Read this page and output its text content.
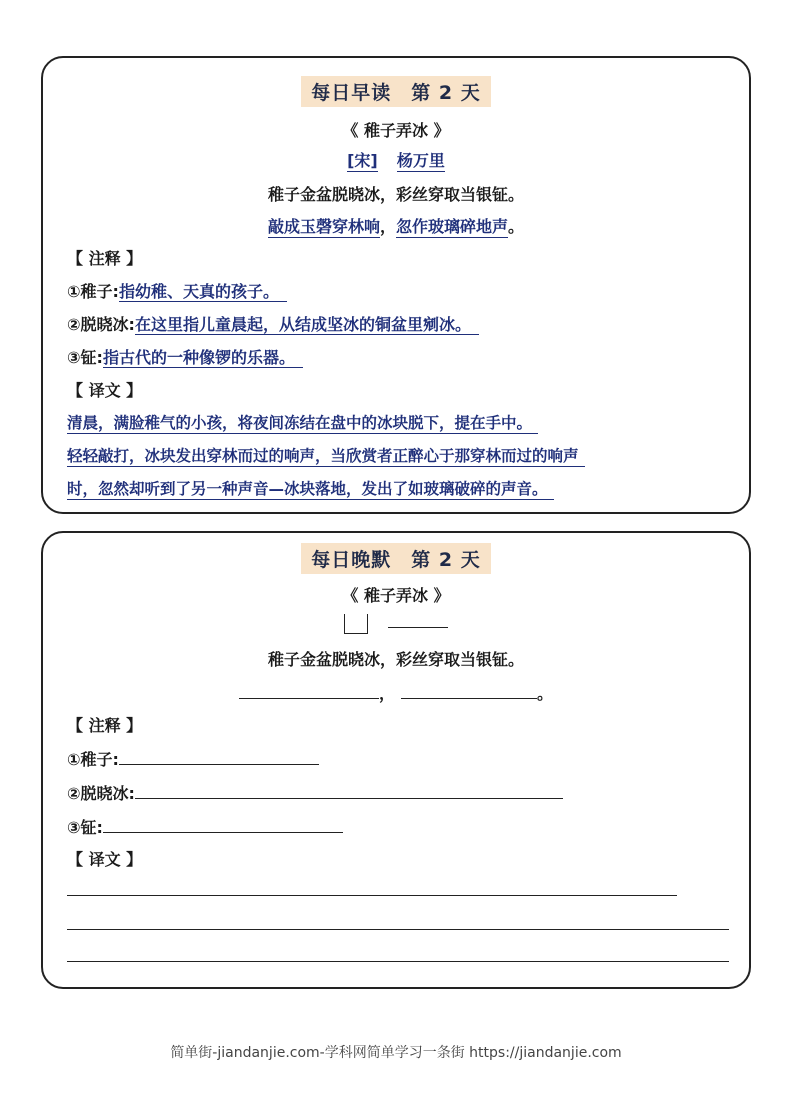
每日早读　第 2 天
《 稚子弄冰 》
[宋] 杨万里
稚子金盆脱晓冰，彩丝穿取当银钲。
敲成玉磬穿林响，忽作玻璃碎地声。
【 注释 】
①稚子:指幼稚、天真的孩子。
②脱晓冰:在这里指儿童晨起，从结成坚冰的铜盆里剜冰。
③钲:指古代的一种像锣的乐器。
【 译文 】
清晨，满脸稚气的小孩，将夜间冻结在盘中的冰块脱下，提在手中。
轻轻敲打，冰块发出穿林而过的响声，当欣赏者正醉心于那穿林而过的响声
时，忽然却听到了另一种声音—冰块落地，发出了如玻璃破碎的声音。
每日晚默　第 2 天
《 稚子弄冰 》

稚子金盆脱晓冰，彩丝穿取当银钲。
，	。
【 注释 】
①稚子:
②脱晓冰:
③钲:
【 译文 】
简单街-jiandanjie.com-学科网简单学习一条街 https://jiandanjie.com
